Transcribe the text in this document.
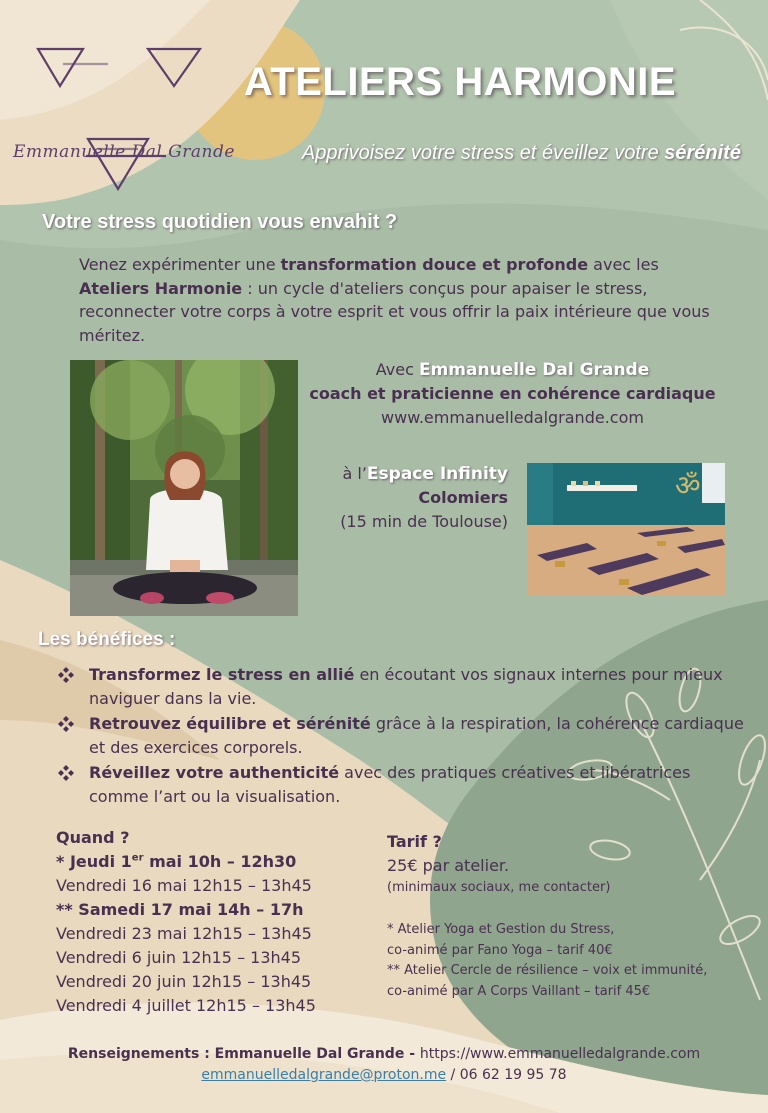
Emmanuelle Dal Grande
ATELIERS HARMONIE
Apprivoisez votre stress et éveillez votre sérénité
Votre stress quotidien vous envahit ?

Venez expérimenter une transformation douce et profonde avec les Ateliers Harmonie : un cycle d'ateliers conçus pour apaiser le stress, reconnecter votre corps à votre esprit et vous offrir la paix intérieure que vous méritez.

Avec Emmanuelle Dal Grande
coach et praticienne en cohérence cardiaque
www.emmanuelledalgrande.com
à l’Espace Infinity
Colomiers
(15 min de Toulouse)
ॐ
Les bénéfices :
Transformez le stress en allié en écoutant vos signaux internes pour mieux naviguer dans la vie.
Retrouvez équilibre et sérénité grâce à la respiration, la cohérence cardiaque et des exercices corporels.
Réveillez votre authenticité avec des pratiques créatives et libératrices comme l’art ou la visualisation.
Quand ?
* Jeudi 1er mai 10h – 12h30
Vendredi 16 mai 12h15 – 13h45
** Samedi 17 mai 14h – 17h
Vendredi 23 mai 12h15 – 13h45
Vendredi 6 juin 12h15 – 13h45
Vendredi 20 juin 12h15 – 13h45
Vendredi 4 juillet 12h15 – 13h45
Tarif ?
25€ par atelier.
(minimaux sociaux, me contacter)
* Atelier Yoga et Gestion du Stress,
co-animé par Fano Yoga – tarif 40€
** Atelier Cercle de résilience – voix et immunité,
co-animé par A Corps Vaillant – tarif 45€
Renseignements : Emmanuelle Dal Grande - https://www.emmanuelledalgrande.com
emmanuelledalgrande@proton.me / 06 62 19 95 78
